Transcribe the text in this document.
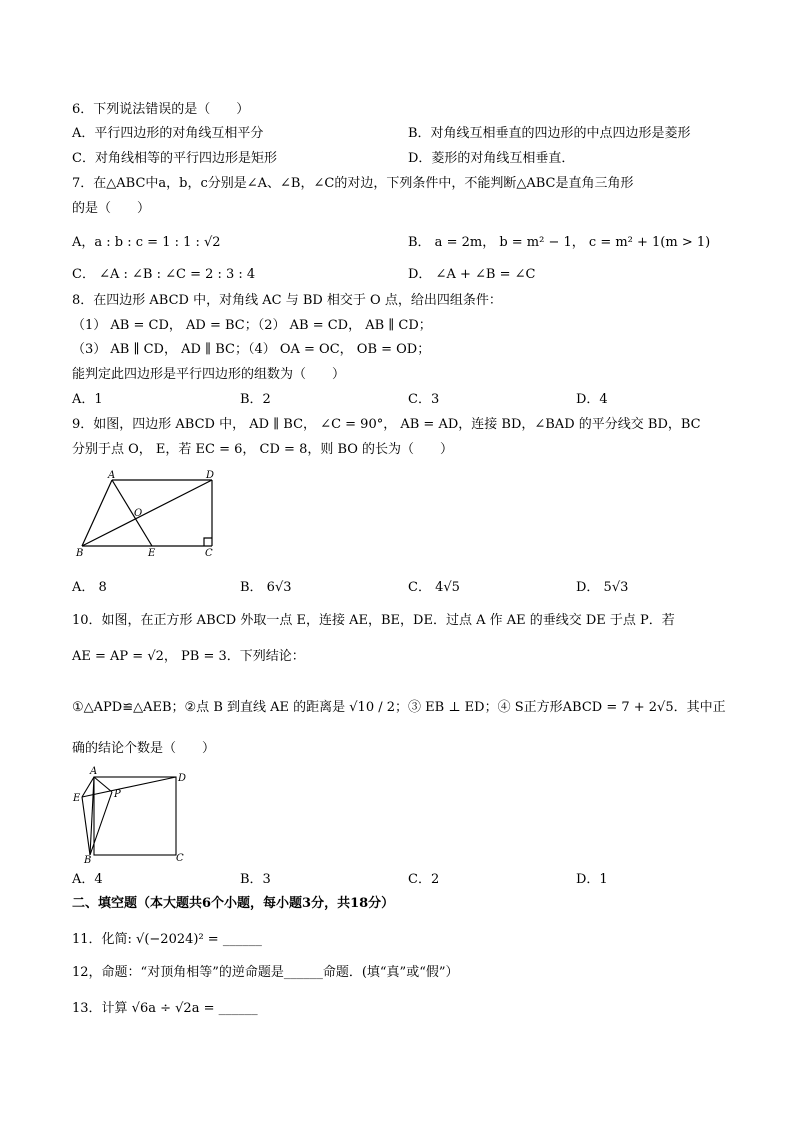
6．下列说法错误的是（　　）
A．平行四边形的对角线互相平分	B．对角线互相垂直的四边形的中点四边形是菱形
C．对角线相等的平行四边形是矩形	D．菱形的对角线互相垂直．
7．在△ABC中a，b，c分别是∠A、∠B，∠C的对边，下列条件中，不能判断△ABC是直角三角形
的是（　　）
A，a : b : c = 1 : 1 : √2	B． a = 2m， b = m² − 1， c = m² + 1(m > 1)
C． ∠A : ∠B : ∠C = 2 : 3 : 4	D． ∠A + ∠B = ∠C
8．在四边形 ABCD 中，对角线 AC 与 BD 相交于 O 点，给出四组条件：
（1） AB = CD， AD = BC；（2） AB = CD， AB ∥ CD；
（3） AB ∥ CD， AD ∥ BC；（4） OA = OC， OB = OD；
能判定此四边形是平行四边形的组数为（　　）
A．1	B．2	C．3	D．4
9．如图，四边形 ABCD 中， AD ∥ BC， ∠C = 90°， AB = AD，连接 BD，∠BAD 的平分线交 BD，BC
分别于点 O， E，若 EC = 6， CD = 8，则 BO 的长为（　　）
A	D
O
B	E	C
A． 8	B． 6√3	C． 4√5	D． 5√3
10．如图，在正方形 ABCD 外取一点 E，连接 AE，BE，DE．过点 A 作 AE 的垂线交 DE 于点 P．若
AE = AP = √2， PB = 3．下列结论：
①△APD≌△AEB；②点 B 到直线 AE 的距离是 √10 / 2；③ EB ⊥ ED；④ S正方形ABCD = 7 + 2√5．其中正
确的结论个数是（　　）
A
D
E	P
B	C
A．4	B．3	C．2	D．1
二、填空题（本大题共6个小题，每小题3分，共18分）
11．化简: √(−2024)² = ______
12，命题：“对顶角相等”的逆命题是______命题．(填“真”或“假”）
13．计算 √6a ÷ √2a = ______
